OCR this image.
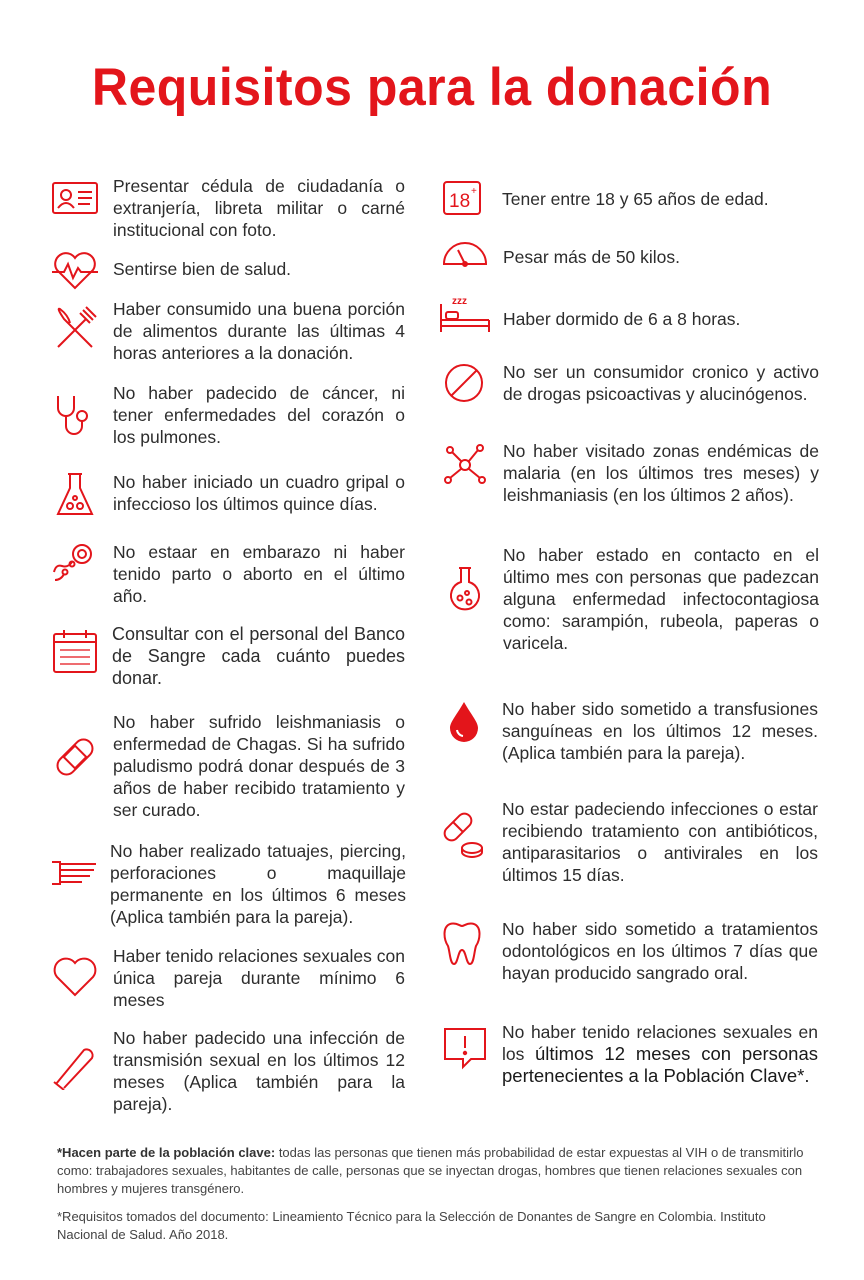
Requisitos para la donación
Presentar cédula de ciudadanía o extranjería, libreta militar o carné institucional con foto.
Sentirse bien de salud.
Haber consumido una buena porción de alimentos durante las últimas 4 horas anteriores a la donación.
No haber padecido de cáncer, ni tener enfermedades del corazón o los pulmones.
No haber iniciado un cuadro gripal o infeccioso los últimos quince días.
No estaar en embarazo ni haber tenido parto o aborto en el último año.
Consultar con el personal del Banco de Sangre cada cuánto puedes donar.
No haber sufrido leishmaniasis o enfermedad de Chagas. Si ha sufrido paludismo podrá donar después de 3 años de haber recibido tratamiento y ser curado.
No haber realizado tatuajes, piercing, perforaciones o maquillaje permanente en los últimos 6 meses (Aplica también para la pareja).
Haber tenido relaciones sexuales con única pareja durante mínimo 6 meses
No haber padecido una infección de transmisión sexual en los últimos 12 meses (Aplica también para la pareja).
18 + Tener entre 18 y 65 años de edad.
Pesar más de 50 kilos.
zzz
Haber dormido de 6 a 8 horas.
No ser un consumidor cronico y activo de drogas psicoactivas y alucinógenos.
No haber visitado zonas endémicas de malaria (en los últimos tres meses) y leishmaniasis (en los últimos 2 años).
No haber estado en contacto en el último mes con personas que padezcan alguna enfermedad infectocontagiosa como: sarampión, rubeola, paperas o varicela.
No haber sido sometido a transfusiones sanguíneas en los últimos 12 meses. (Aplica también para la pareja).
No estar padeciendo infecciones o estar recibiendo tratamiento con antibióticos, antiparasitarios o antivirales en los últimos 15 días.
No haber sido sometido a tratamientos odontológicos en los últimos 7 días que hayan producido sangrado oral.
No haber tenido relaciones sexuales en los últimos 12 meses con personas pertenecientes a la Población Clave*.
*Hacen parte de la población clave: todas las personas que tienen más probabilidad de estar expuestas al VIH o de transmitirlo como: trabajadores sexuales, habitantes de calle, personas que se inyectan drogas, hombres que tienen relaciones sexuales con hombres y mujeres transgénero.
*Requisitos tomados del documento: Lineamiento Técnico para la Selección de Donantes de Sangre en Colombia. Instituto Nacional de Salud. Año 2018.
